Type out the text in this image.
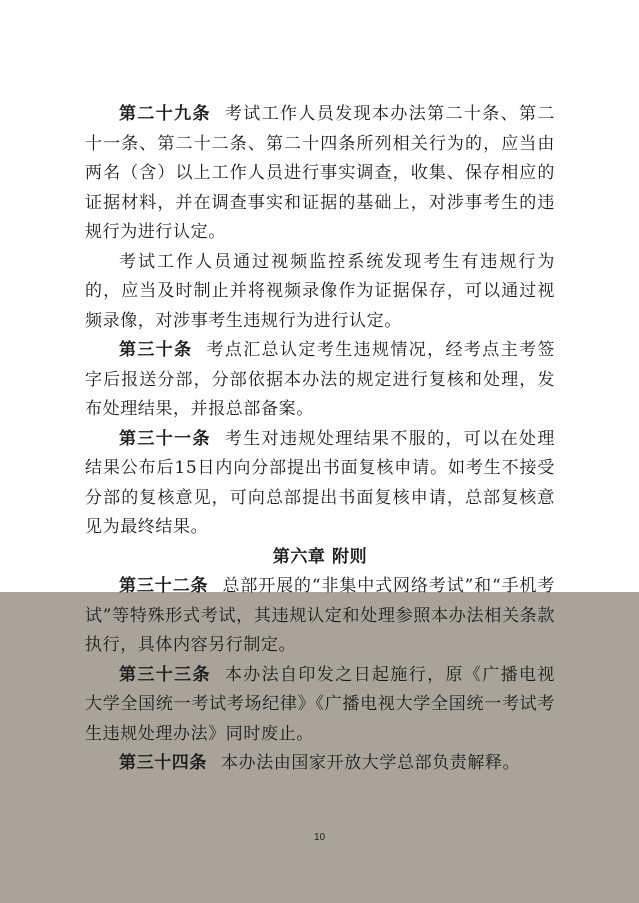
第二十九条 考试工作人员发现本办法第二十条、第二十一条、第二十二条、第二十四条所列相关行为的，应当由两名（含）以上工作人员进行事实调查，收集、保存相应的证据材料，并在调查事实和证据的基础上，对涉事考生的违规行为进行认定。

考试工作人员通过视频监控系统发现考生有违规行为的，应当及时制止并将视频录像作为证据保存，可以通过视频录像，对涉事考生违规行为进行认定。

第三十条 考点汇总认定考生违规情况，经考点主考签字后报送分部，分部依据本办法的规定进行复核和处理，发布处理结果，并报总部备案。

第三十一条 考生对违规处理结果不服的，可以在处理结果公布后15日内向分部提出书面复核申请。如考生不接受分部的复核意见，可向总部提出书面复核申请，总部复核意见为最终结果。

第六章 附则

第三十二条 总部开展的“非集中式网络考试”和“手机考试”等特殊形式考试，其违规认定和处理参照本办法相关条款执行，具体内容另行制定。

第三十三条 本办法自印发之日起施行，原《广播电视大学全国统一考试考场纪律》《广播电视大学全国统一考试考生违规处理办法》同时废止。

第三十四条 本办法由国家开放大学总部负责解释。

10
